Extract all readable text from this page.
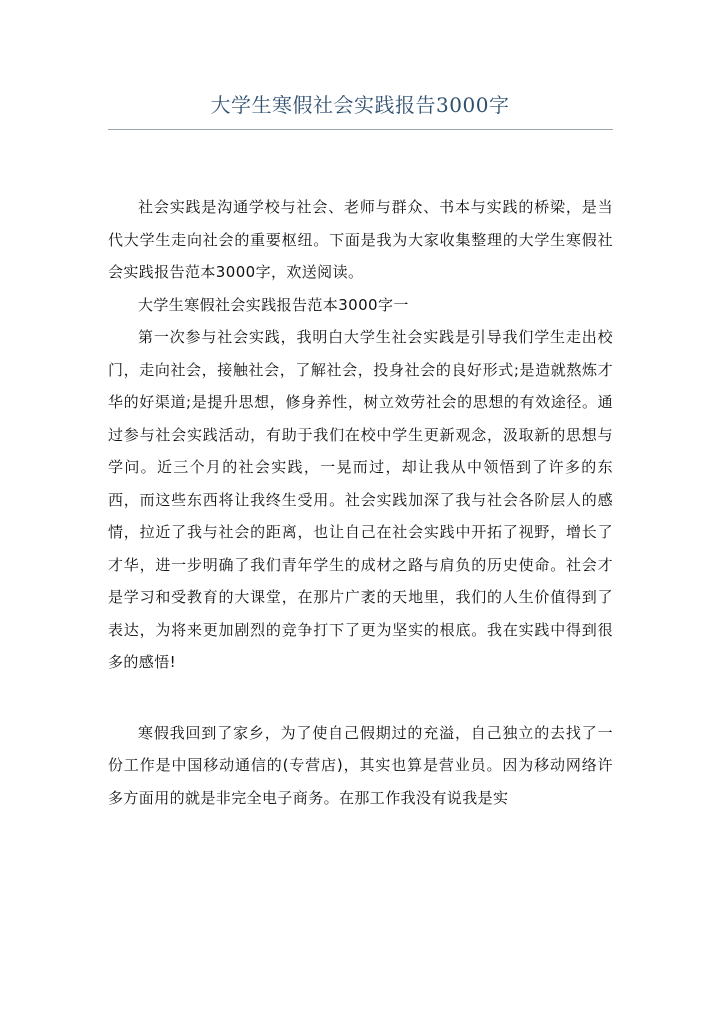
大学生寒假社会实践报告3000字

社会实践是沟通学校与社会、老师与群众、书本与实践的桥梁，是当代大学生走向社会的重要枢纽。下面是我为大家收集整理的大学生寒假社会实践报告范本3000字，欢送阅读。

大学生寒假社会实践报告范本3000字一

第一次参与社会实践，我明白大学生社会实践是引导我们学生走出校门，走向社会，接触社会，了解社会，投身社会的良好形式;是造就熬炼才华的好渠道;是提升思想，修身养性，树立效劳社会的思想的有效途径。通过参与社会实践活动，有助于我们在校中学生更新观念，汲取新的思想与学问。近三个月的社会实践，一晃而过，却让我从中领悟到了许多的东西，而这些东西将让我终生受用。社会实践加深了我与社会各阶层人的感情，拉近了我与社会的距离，也让自己在社会实践中开拓了视野，增长了才华，进一步明确了我们青年学生的成材之路与肩负的历史使命。社会才是学习和受教育的大课堂，在那片广袤的天地里，我们的人生价值得到了表达，为将来更加剧烈的竞争打下了更为坚实的根底。我在实践中得到很多的感悟!

寒假我回到了家乡，为了使自己假期过的充溢，自己独立的去找了一份工作是中国移动通信的(专营店)，其实也算是营业员。因为移动网络许多方面用的就是非完全电子商务。在那工作我没有说我是实
